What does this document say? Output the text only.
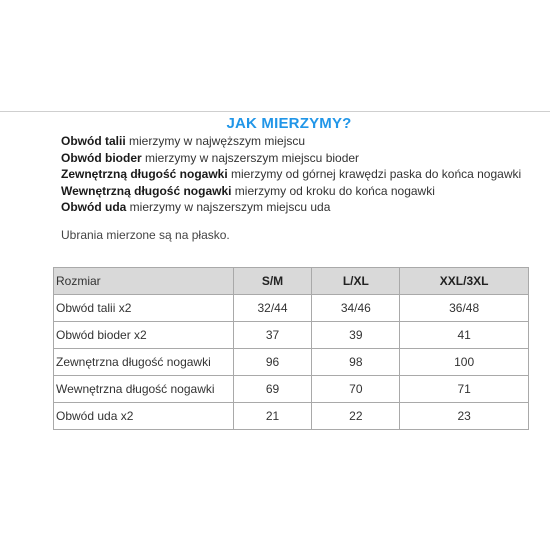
JAK MIERZYMY?
Obwód talii mierzymy w najwęższym miejscu
Obwód bioder mierzymy w najszerszym miejscu bioder
Zewnętrzną długość nogawki mierzymy od górnej krawędzi paska do końca nogawki
Wewnętrzną długość nogawki mierzymy od kroku do końca nogawki
Obwód uda mierzymy w najszerszym miejscu uda
Ubrania mierzone są na płasko.
Rozmiar	S/M	L/XL	XXL/3XL
Obwód talii x2	32/44	34/46	36/48
Obwód bioder x2	37	39	41
Zewnętrzna długość nogawki	96	98	100
Wewnętrzna długość nogawki	69	70	71
Obwód uda x2	21	22	23
